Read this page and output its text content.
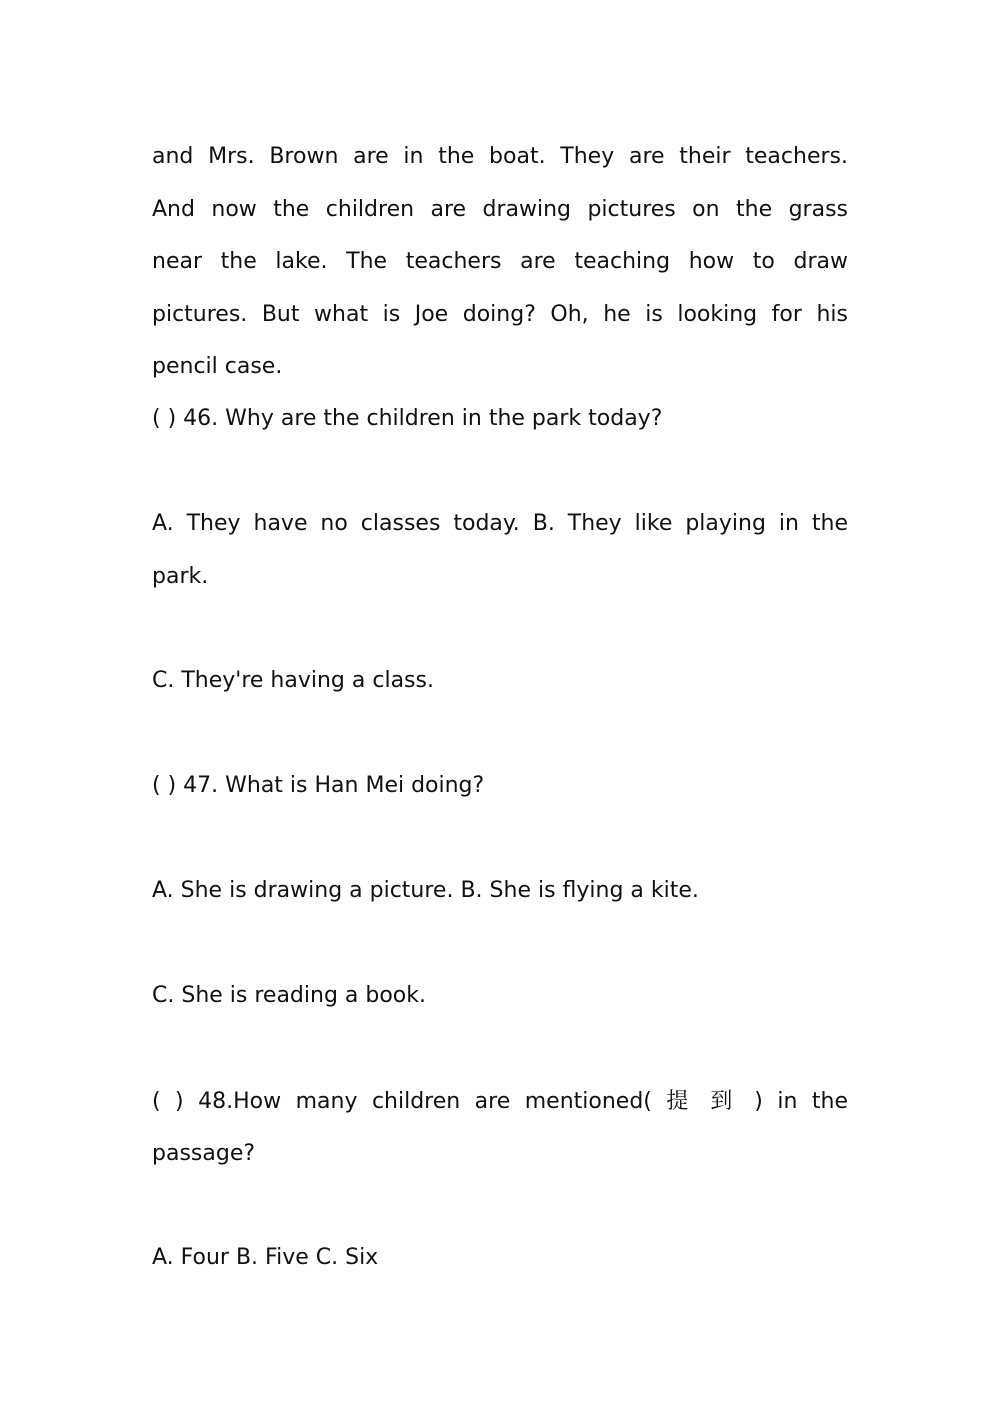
and Mrs. Brown are in the boat. They are their teachers.
And now the children are drawing pictures on the grass
near the lake. The teachers are teaching how to draw
pictures. But what is Joe doing? Oh, he is looking for his
pencil case.
( ) 46. Why are the children in the park today?
A. They have no classes today. B. They like playing in the
park.
C. They're having a class.
( ) 47. What is Han Mei doing?
A. She is drawing a picture. B. She is flying a kite.
C. She is reading a book.
( ) 48.How many children are mentioned( 提 到 ) in the
passage?
A. Four B. Five C. Six
